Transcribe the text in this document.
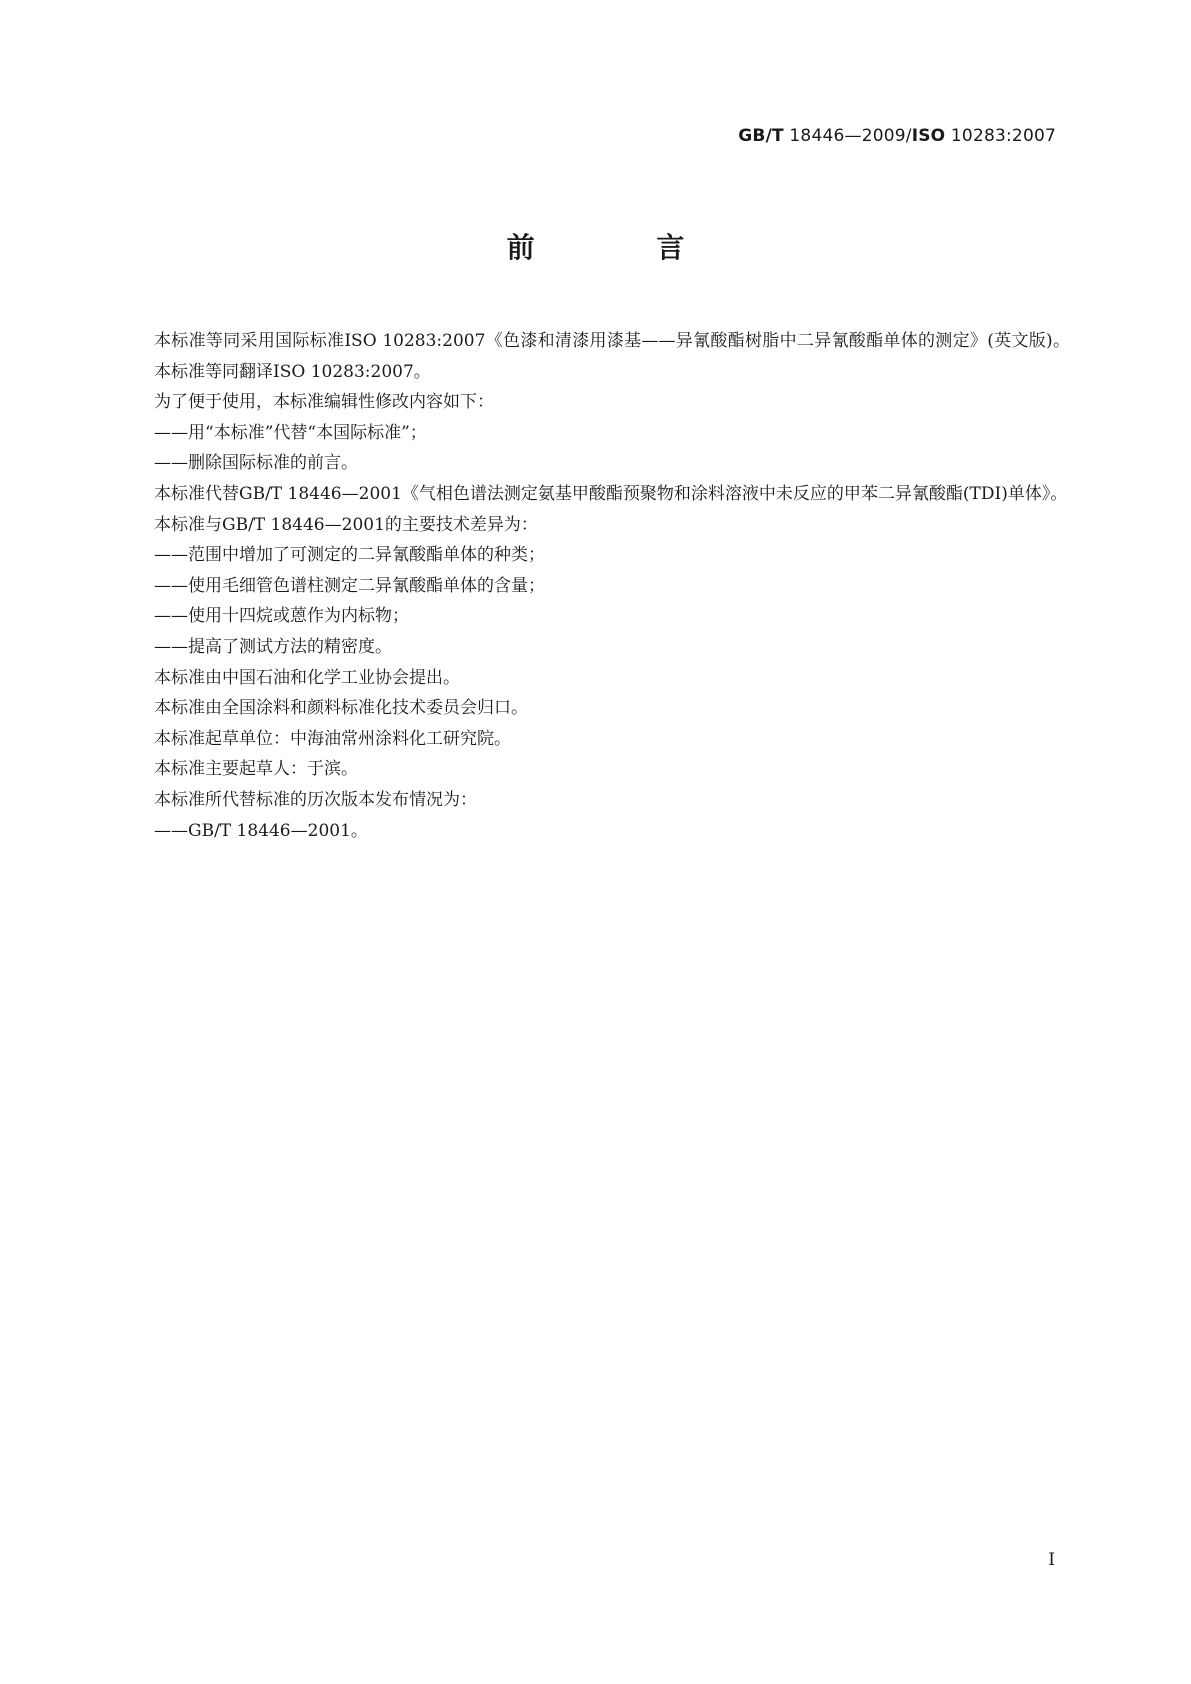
GB/T 18446—2009/ISO 10283:2007
前 言

本标准等同采用国际标准ISO 10283:2007《色漆和清漆用漆基——异氰酸酯树脂中二异氰酸酯单体的测定》(英文版)。

本标准等同翻译ISO 10283:2007。

为了便于使用，本标准编辑性修改内容如下：

——用“本标准”代替“本国际标准”；

——删除国际标准的前言。

本标准代替GB/T 18446—2001《气相色谱法测定氨基甲酸酯预聚物和涂料溶液中未反应的甲苯二异氰酸酯(TDI)单体》。

本标准与GB/T 18446—2001的主要技术差异为：

——范围中增加了可测定的二异氰酸酯单体的种类；

——使用毛细管色谱柱测定二异氰酸酯单体的含量；

——使用十四烷或蒽作为内标物；

——提高了测试方法的精密度。

本标准由中国石油和化学工业协会提出。

本标准由全国涂料和颜料标准化技术委员会归口。

本标准起草单位：中海油常州涂料化工研究院。

本标准主要起草人：于滨。

本标准所代替标准的历次版本发布情况为：

——GB/T 18446—2001。

I
